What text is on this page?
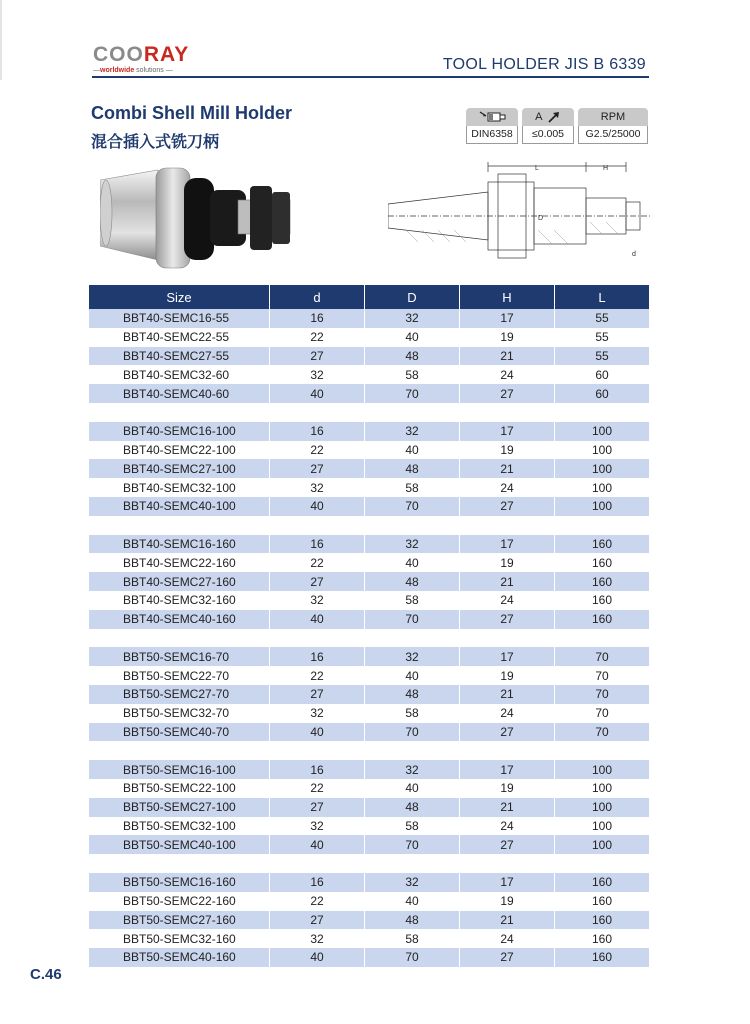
COORAY
—worldwide solutions —	TOOL HOLDER JIS B 6339
Combi Shell Mill Holder
混合插入式铣刀柄	DIN6358
A
≤0.005
RPM
G2.5/25000
L	H
D
d
Size	d	D	H	L
BBT40-SEMC16-55	16	32	17	55
BBT40-SEMC22-55	22	40	19	55
BBT40-SEMC27-55	27	48	21	55
BBT40-SEMC32-60	32	58	24	60
BBT40-SEMC40-60	40	70	27	60

BBT40-SEMC16-100	16	32	17	100
BBT40-SEMC22-100	22	40	19	100
BBT40-SEMC27-100	27	48	21	100
BBT40-SEMC32-100	32	58	24	100
BBT40-SEMC40-100	40	70	27	100

BBT40-SEMC16-160	16	32	17	160
BBT40-SEMC22-160	22	40	19	160
BBT40-SEMC27-160	27	48	21	160
BBT40-SEMC32-160	32	58	24	160
BBT40-SEMC40-160	40	70	27	160

BBT50-SEMC16-70	16	32	17	70
BBT50-SEMC22-70	22	40	19	70
BBT50-SEMC27-70	27	48	21	70
BBT50-SEMC32-70	32	58	24	70
BBT50-SEMC40-70	40	70	27	70

BBT50-SEMC16-100	16	32	17	100
BBT50-SEMC22-100	22	40	19	100
BBT50-SEMC27-100	27	48	21	100
BBT50-SEMC32-100	32	58	24	100
BBT50-SEMC40-100	40	70	27	100

BBT50-SEMC16-160	16	32	17	160
BBT50-SEMC22-160	22	40	19	160
BBT50-SEMC27-160	27	48	21	160
BBT50-SEMC32-160	32	58	24	160
BBT50-SEMC40-160	40	70	27	160
C.46
